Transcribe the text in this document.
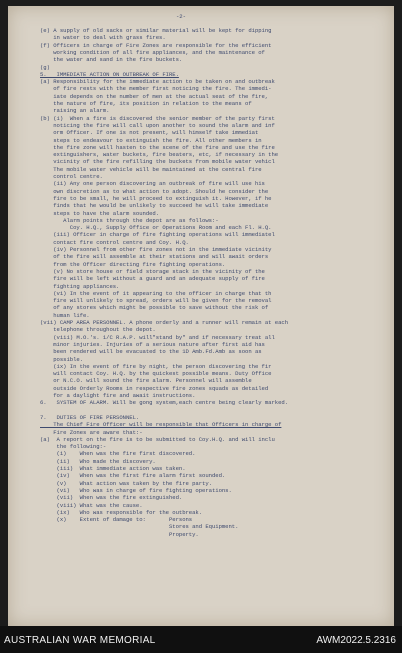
-2-
(e) A supply of old sacks or similar material will be kept for dipping
in water to deal with grass fires.
(f) Officers in charge of Fire Zones are responsible for the efficient
working condition of all fire appliances, and the maintenance of
the water and sand in the fire buckets.
(g)
5.   IMMEDIATE ACTION ON OUTBREAK OF FIRE.
(a) Responsibility for the immediate action to be taken on and outbreak
of fire rests with the member first noticing the fire. The immedi-
iate depends on the number of men at the actual seat of the fire,
the nature of fire, its position in relation to the means of
raising an alarm.
(b) (i)  When a fire is discovered the senior member of the party first
noticing the fire will call upon another to sound the alarm and inf
orm Officer. If one is not present, will himself take immediat
steps to endeavour to extinguish the fire. All other members in
the fire zone will hasten to the scene of the fire and use the fire
extinguishers, water buckets, fire beaters, etc, if necessary in the
vicinity of the fire refilling the buckets from mobile water vehicl
The mobile water vehicle will be maintained at the central fire
control centre.
(ii) Any one person discovering an outbreak of fire will use his
own discretion as to what action to adopt. Should he consider the
fire to be small, he will proceed to extinguish it. However, if he
finds that he would be unlikely to succeed he will take immediate
steps to have the alarm sounded.
Alarm points through the depot are as follows:-
Coy. H.Q., Supply Office or Operations Room and each Fl. H.Q.
(iii) Officer in charge of fire fighting operations will immediatel
contact fire control centre and Coy. H.Q.
(iv) Personnel from other fire zones not in the immediate vicinity
of the fire will assemble at their stations and will await orders
from the Officer directing fire fighting operations.
(v) No store house or field storage stack in the vicinity of the
fire will be left without a guard and an adequate supply of fire
fighting appliances.
(vi) In the event of it appearing to the officer in charge that th
fire will unlikely to spread, orders will be given for the removal
of any stores which might be possible to save without the risk of
human life.
(vii) CAMP AREA PERSONNEL. A phone orderly and a runner will remain at each
telephone throughout the depot.
(viii) M.O.'s. 1/C R.A.P. will"stand by" and if necessary treat all
minor injuries. Injuries of a serious nature after first aid has
been rendered will be evacuated to the 1D Amb.Fd.Amb as soon as
possible.
(ix) In the event of fire by night, the person discovering the fir
will contact Coy. H.Q. by the quickest possible means. Duty Office
or N.C.O. will sound the fire alarm. Personnel will assemble
outside Orderly Rooms in respective fire zones squads as detailed
for a daylight fire and await instructions.
6.   SYSTEM OF ALARM. Will be gong system,each centre being clearly marked.
7.   DUTIES OF FIRE PERSONNEL.
The Chief Fire Officer will be responsible that Officers in charge of
Fire Zones are aware that:-
(a)  A report on the fire is to be submitted to Coy.H.Q. and will inclu
the following:-
(i)    When was the fire first discovered.
(ii)   Who made the discovery.
(iii)  What immediate action was taken.
(iv)   When was the first fire alarm first sounded.
(v)    What action was taken by the fire party.
(vi)   Who was in charge of fire fighting operations.
(vii)  When was the fire extinguished.
(viii) What was the cause.
(ix)   Who was responsible for the outbreak.
(x)    Extent of damage to:       Persons
Stores and Equipment.
Property.
AUSTRALIAN WAR MEMORIAL	AWM2022.5.2316
